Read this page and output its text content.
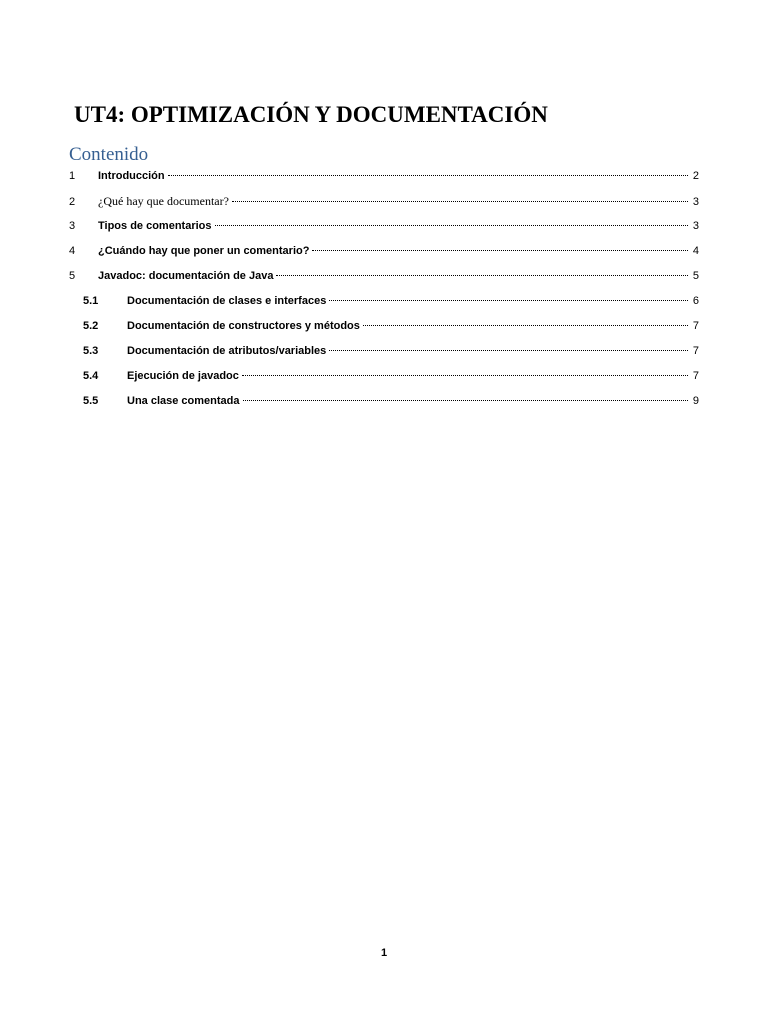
UT4: OPTIMIZACIÓN Y DOCUMENTACIÓN
Contenido
1	Introducción	2
2	¿Qué hay que documentar?	3
3	Tipos de comentarios	3
4	¿Cuándo hay que poner un comentario?	4
5	Javadoc: documentación de Java	5
5.1	Documentación de clases e interfaces	6
5.2	Documentación de constructores y métodos	7
5.3	Documentación de atributos/variables	7
5.4	Ejecución de javadoc	7
5.5	Una clase comentada	9
1
